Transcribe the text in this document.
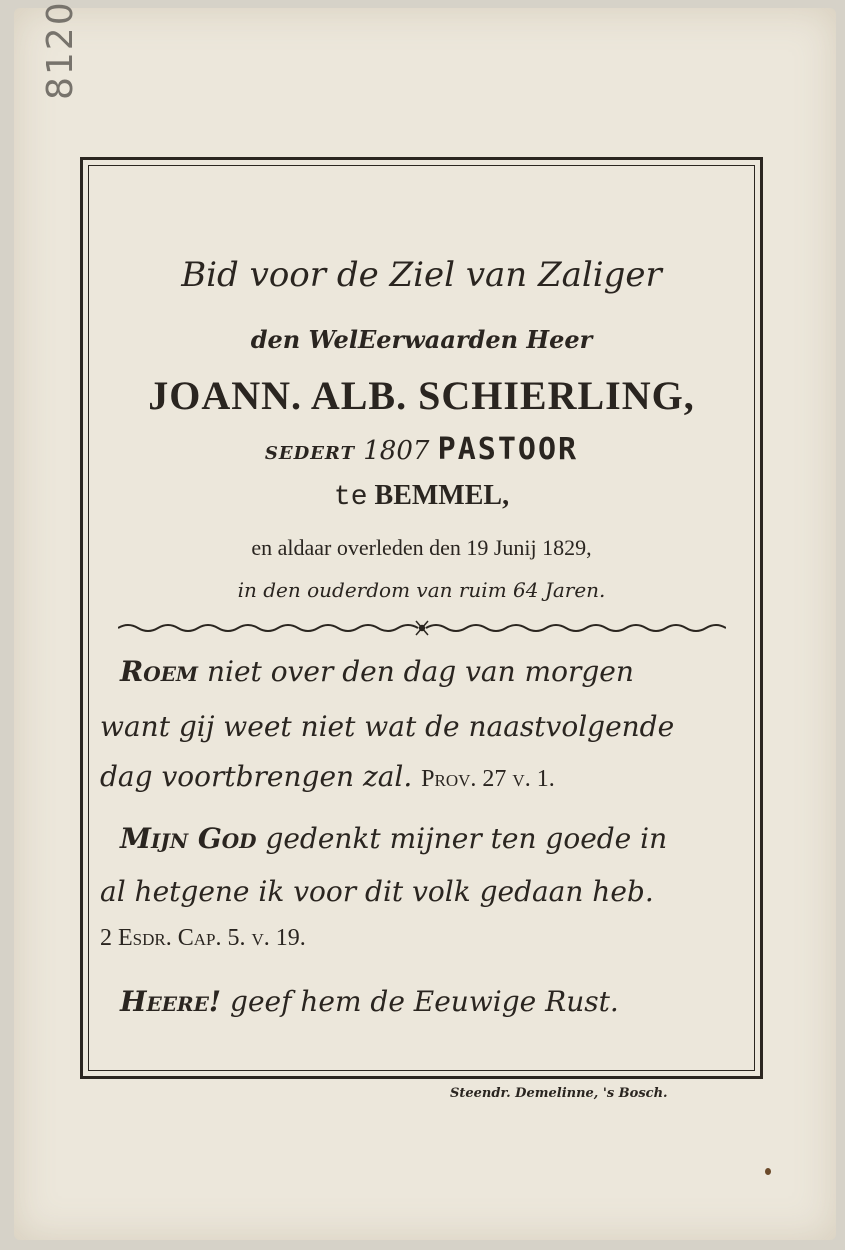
8120
Bid voor de Ziel van Zaliger
den WelEerwaarden Heer
JOANN. ALB. SCHIERLING,
SEDERT 1807 PASTOOR
te BEMMEL,
en aldaar overleden den 19 Junij 1829,
in den ouderdom van ruim 64 Jaren.
Roem niet over den dag van morgen
want gij weet niet wat de naastvolgende
dag voortbrengen zal. Prov. 27 v. 1.
Mijn God gedenkt mijner ten goede in
al hetgene ik voor dit volk gedaan heb.
2 Esdr. Cap. 5. v. 19.
Heere! geef hem de Eeuwige Rust.
Steendr. Demelinne, 's Bosch.
